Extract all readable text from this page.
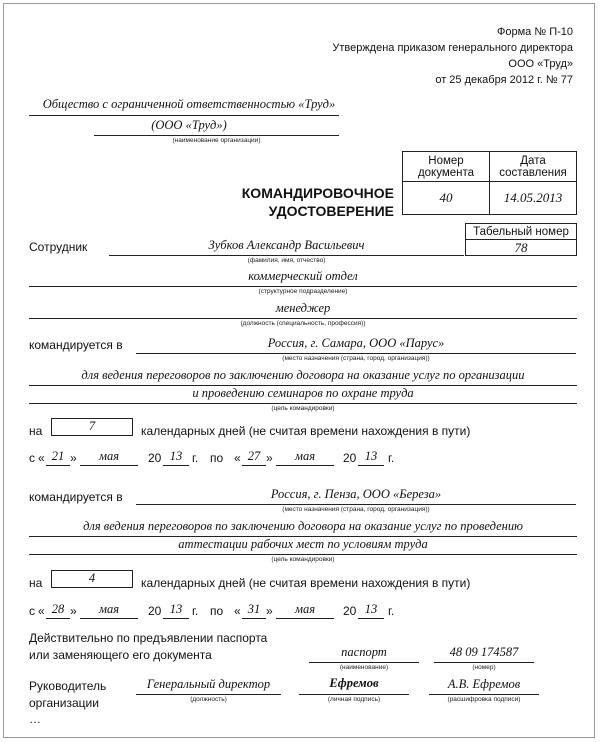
Форма № П-10
Утверждена приказом генерального директора
ООО «Труд»
от 25 декабря 2012 г. № 77
Общество с ограниченной ответственностью «Труд»
(ООО «Труд»)
(наименование организации)
Номер документа
Дата составления
40	14.05.2013
КОМАНДИРОВОЧНОЕ
УДОСТОВЕРЕНИЕ
Табельный номер
78
Сотрудник	Зубков Александр Васильевич
(фамилия, имя, отчество)
коммерческий отдел
(структурное подразделение)
менеджер
(должность (специальность, профессия))
командируется в	Россия, г. Самара, ООО «Парус»
(место назначения (страна, город, организация))
для ведения переговоров по заключению договора на оказание услуг по организации
и проведению семинаров по охране труда
(цель командировки)
на	7	календарных дней (не считая времени нахождения в пути)
с « 21 »	мая	20 13 г. по « 27 »	мая	20 13 г.
командируется в	Россия, г. Пенза, ООО «Береза»
(место назначения (страна, город, организация))
для ведения переговоров по заключению договора на оказание услуг по проведению
аттестации рабочих мест по условиям труда
(цель командировки)
на	4	календарных дней (не считая времени нахождения в пути)
с « 28 »	мая	20 13 г. по « 31 »	мая	20 13 г.
Действительно по предъявлении паспорта
или заменяющего его документа	паспорт
(наименование)
48 09 174587
(номер)
Руководитель
организации
…
Генеральный директор
(должность)
Ефремов
(личная подпись)
А.В. Ефремов
(расшифровка подписи)
